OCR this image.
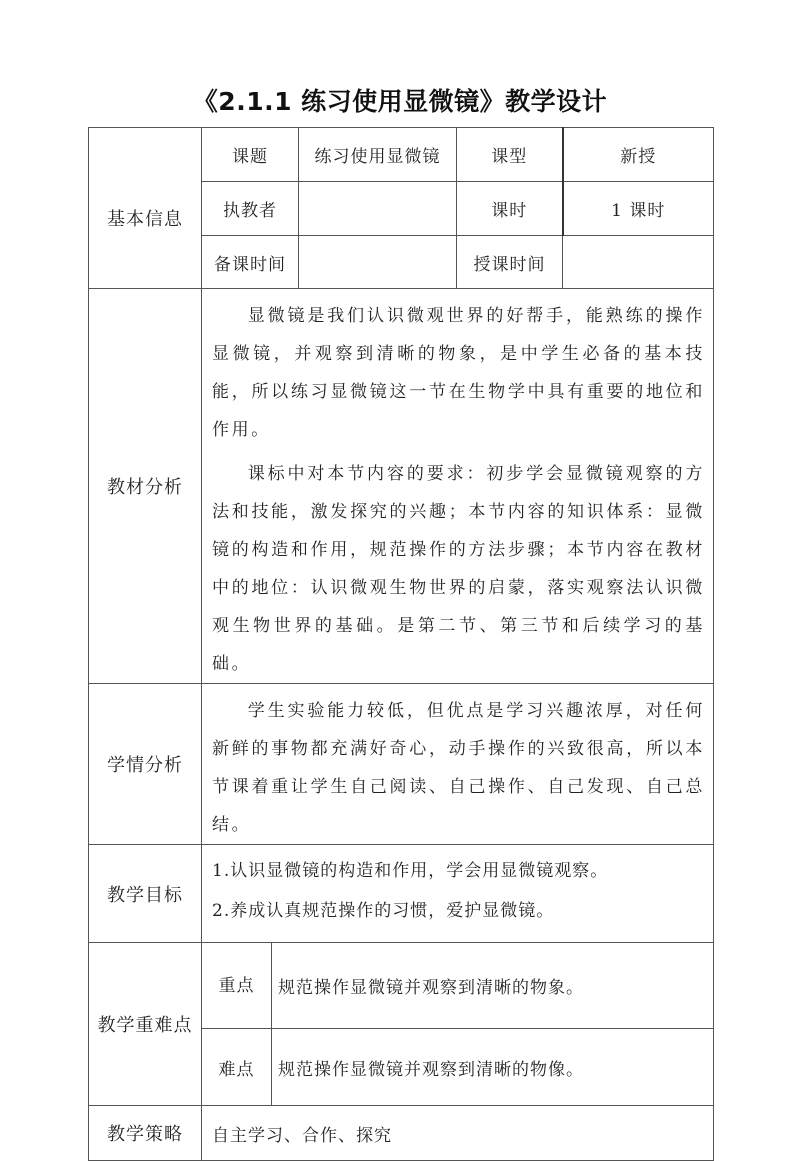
《2.1.1 练习使用显微镜》教学设计
基本信息	课题		练习使用显微镜	课型	新授
	执教者			课时	1 课时
	备课时间			授课时间	
教材分析	显微镜是我们认识微观世界的好帮手，能熟练的操作显微镜，并观察到清晰的物象，是中学生必备的基本技能，所以练习显微镜这一节在生物学中具有重要的地位和作用。

课标中对本节内容的要求：初步学会显微镜观察的方法和技能，激发探究的兴趣；本节内容的知识体系：显微镜的构造和作用，规范操作的方法步骤；本节内容在教材中的地位：认识微观生物世界的启蒙，落实观察法认识微观生物世界的基础。是第二节、第三节和后续学习的基础。				

学情分析	学生实验能力较低，但优点是学习兴趣浓厚，对任何新鲜的事物都充满好奇心，动手操作的兴致很高，所以本节课着重让学生自己阅读、自己操作、自己发现、自己总结。				

教学目标	1.认识显微镜的构造和作用，学会用显微镜观察。

2.养成认真规范操作的习惯，爱护显微镜。				

教学重难点	重点	规范操作显微镜并观察到清晰的物象。			
	难点	规范操作显微镜并观察到清晰的物像。			
教学策略	自主学习、合作、探究				
